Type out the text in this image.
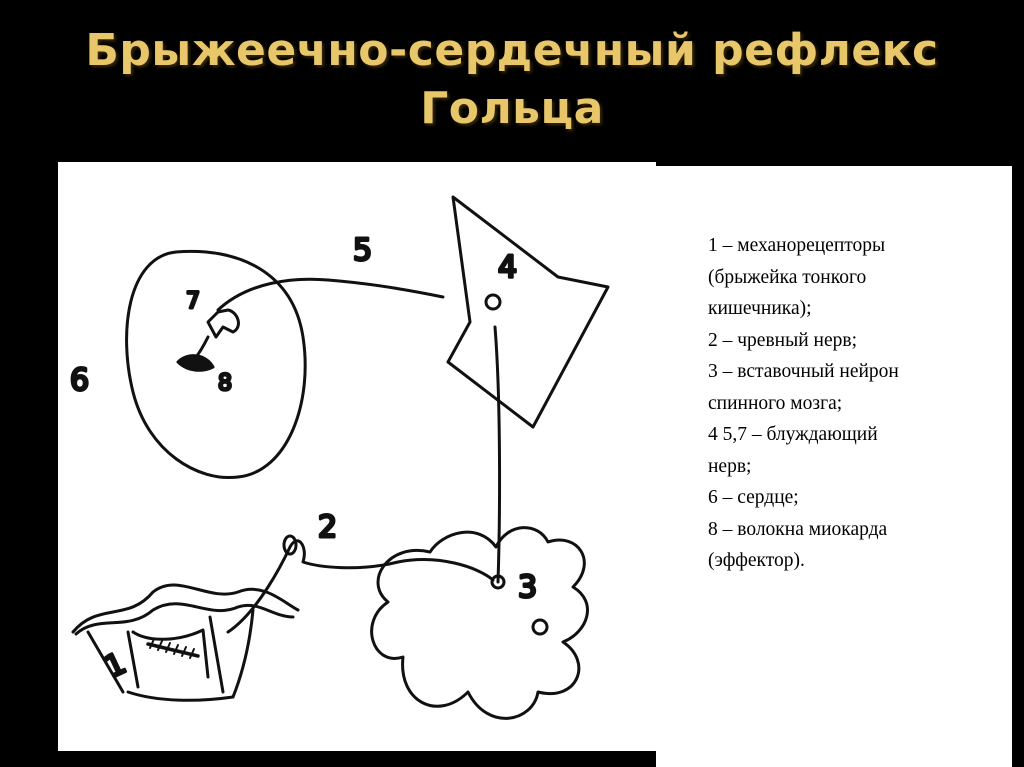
Брыжеечно-сердечный рефлекс
Гольца
1
2
3
4
5
6
7
8
1 – механорецепторы
(брыжейка тонкого
кишечника);
2 – чревный нерв;
3 – вставочный нейрон
спинного мозга;
4 5,7 – блуждающий
нерв;
6 – сердце;
8 – волокна миокарда
(эффектор).
